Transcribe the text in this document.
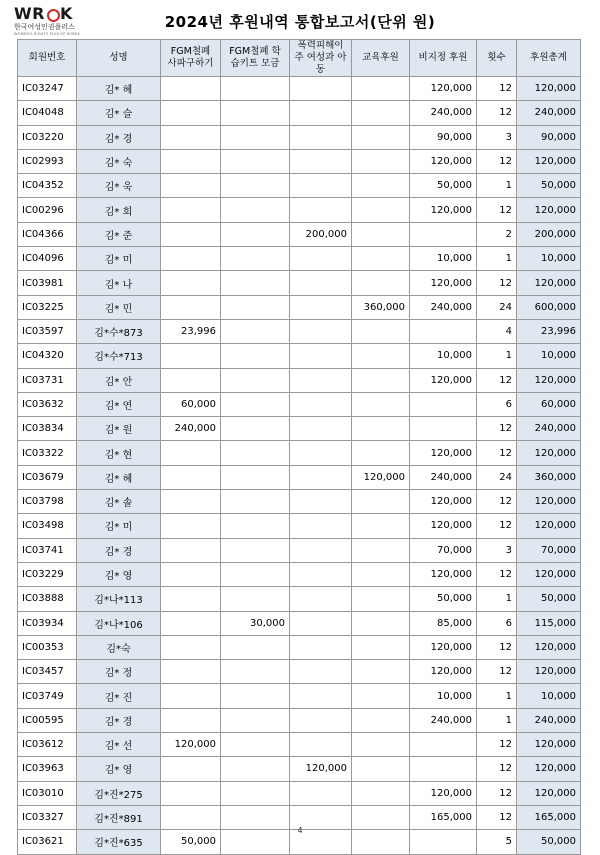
WR K
한국여성인권플러스
WOMEN'S RIGHTS PLUS OF KOREA
2024년 후원내역 통합보고서(단위 원)
회원번호	성명	FGM철폐 사파구하기	FGM철폐 학습키트 모금	폭력피해이주 여성과 아동	교육후원	비지정 후원	횟수	후원총계
IC03247	김* 혜					120,000	12	120,000
IC04048	김* 슬					240,000	12	240,000
IC03220	김* 경					90,000	3	90,000
IC02993	김* 숙					120,000	12	120,000
IC04352	김* 욱					50,000	1	50,000
IC00296	김* 희					120,000	12	120,000
IC04366	김* 준			200,000			2	200,000
IC04096	김* 미					10,000	1	10,000
IC03981	김* 나					120,000	12	120,000
IC03225	김* 민				360,000	240,000	24	600,000
IC03597	김*수*873	23,996					4	23,996
IC04320	김*수*713					10,000	1	10,000
IC03731	김* 안					120,000	12	120,000
IC03632	김* 연	60,000					6	60,000
IC03834	김* 원	240,000					12	240,000
IC03322	김* 현					120,000	12	120,000
IC03679	김* 혜				120,000	240,000	24	360,000
IC03798	김* 솔					120,000	12	120,000
IC03498	김* 미					120,000	12	120,000
IC03741	김* 경					70,000	3	70,000
IC03229	김* 영					120,000	12	120,000
IC03888	김*나*113					50,000	1	50,000
IC03934	김*나*106		30,000			85,000	6	115,000
IC00353	김*숙					120,000	12	120,000
IC03457	김* 정					120,000	12	120,000
IC03749	김* 진					10,000	1	10,000
IC00595	김* 경					240,000	1	240,000
IC03612	김* 선	120,000					12	120,000
IC03963	김* 영			120,000			12	120,000
IC03010	김*진*275					120,000	12	120,000
IC03327	김*진*891					165,000	12	165,000
IC03621	김*진*635	50,000					5	50,000
4
